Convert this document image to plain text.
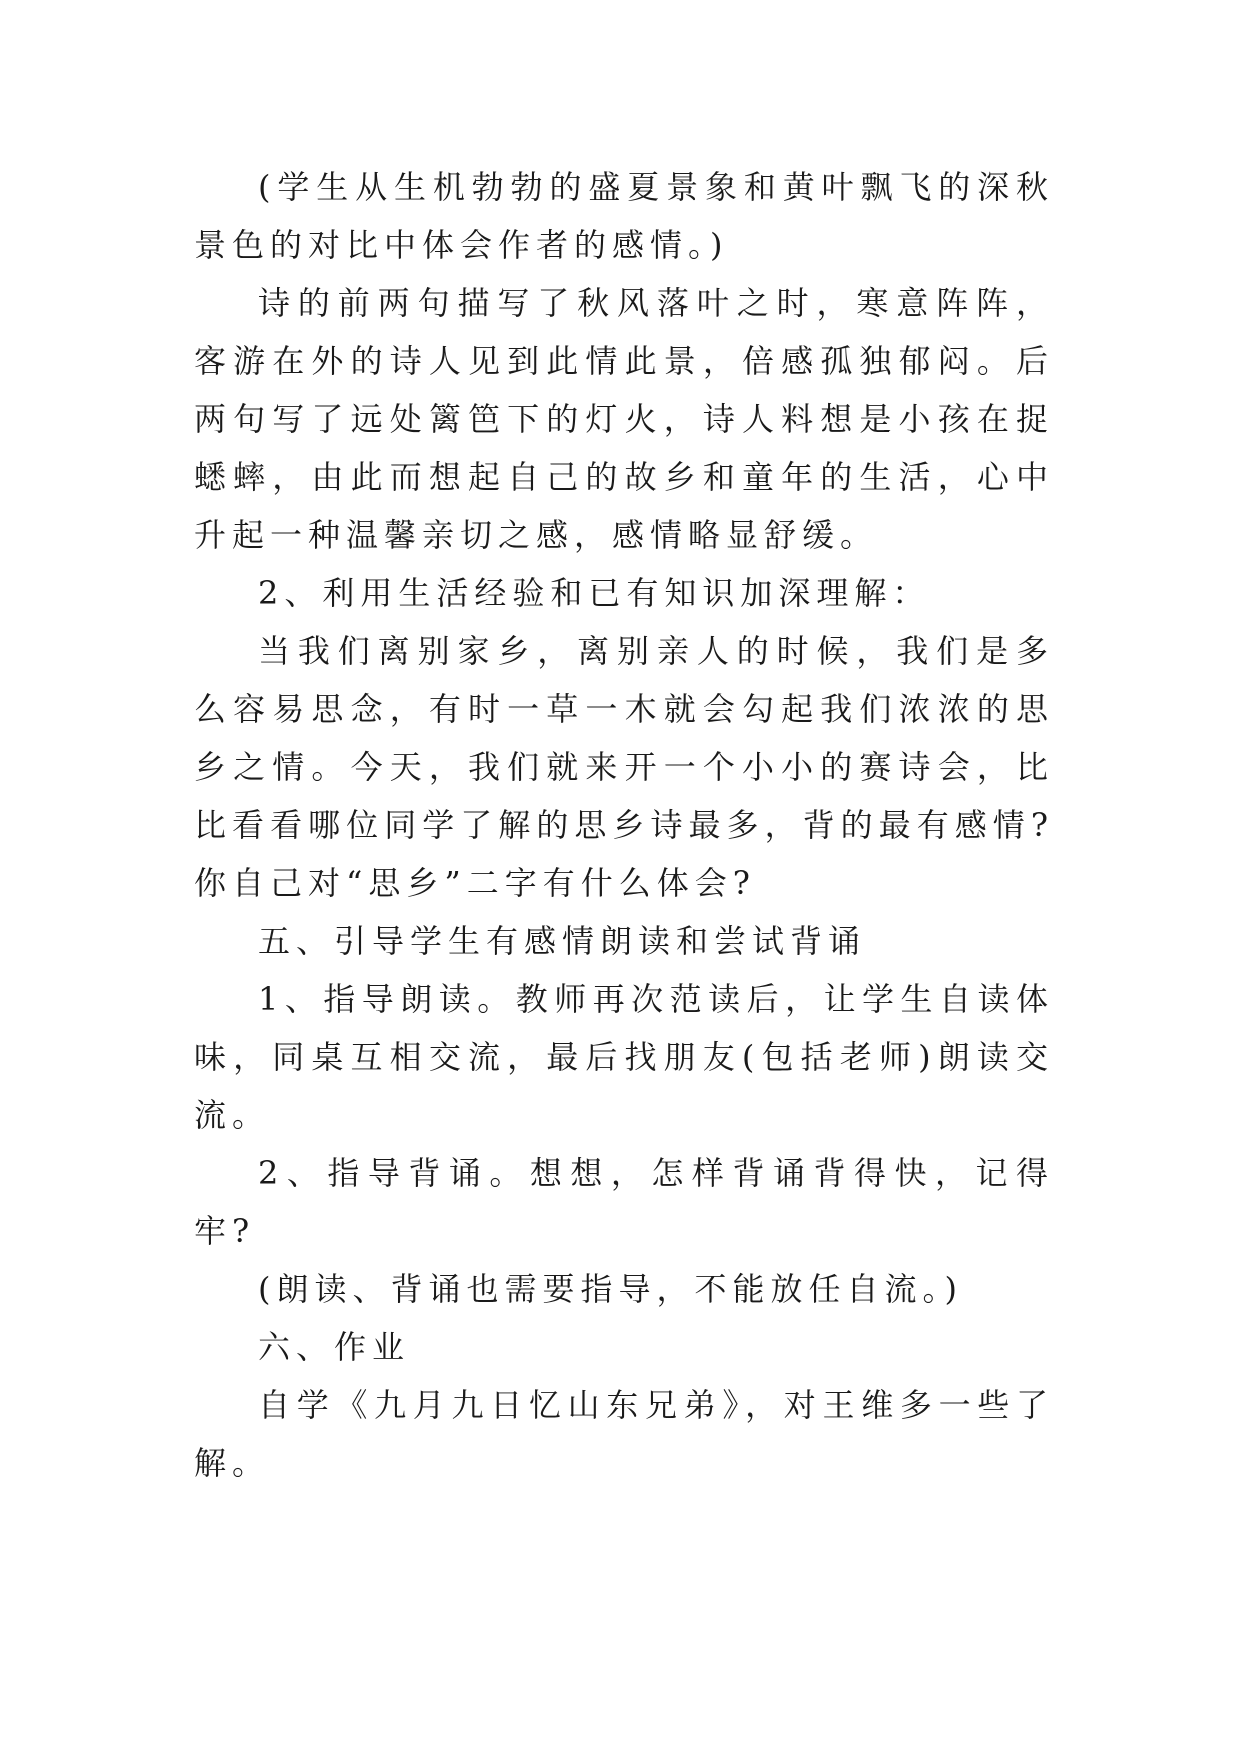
(学生从生机勃勃的盛夏景象和黄叶飘飞的深秋景色的对比中体会作者的感情。)

诗的前两句描写了秋风落叶之时，寒意阵阵，客游在外的诗人见到此情此景，倍感孤独郁闷。后两句写了远处篱笆下的灯火，诗人料想是小孩在捉蟋蟀，由此而想起自己的故乡和童年的生活，心中升起一种温馨亲切之感，感情略显舒缓。

2、利用生活经验和已有知识加深理解：

当我们离别家乡，离别亲人的时候，我们是多么容易思念，有时一草一木就会勾起我们浓浓的思乡之情。今天，我们就来开一个小小的赛诗会，比比看看哪位同学了解的思乡诗最多，背的最有感情?你自己对“思乡”二字有什么体会?

五、引导学生有感情朗读和尝试背诵

1、指导朗读。教师再次范读后，让学生自读体味，同桌互相交流，最后找朋友(包括老师)朗读交流。

2、指导背诵。想想，怎样背诵背得快，记得牢?

(朗读、背诵也需要指导，不能放任自流。)

六、作业

自学《九月九日忆山东兄弟》，对王维多一些了解。
